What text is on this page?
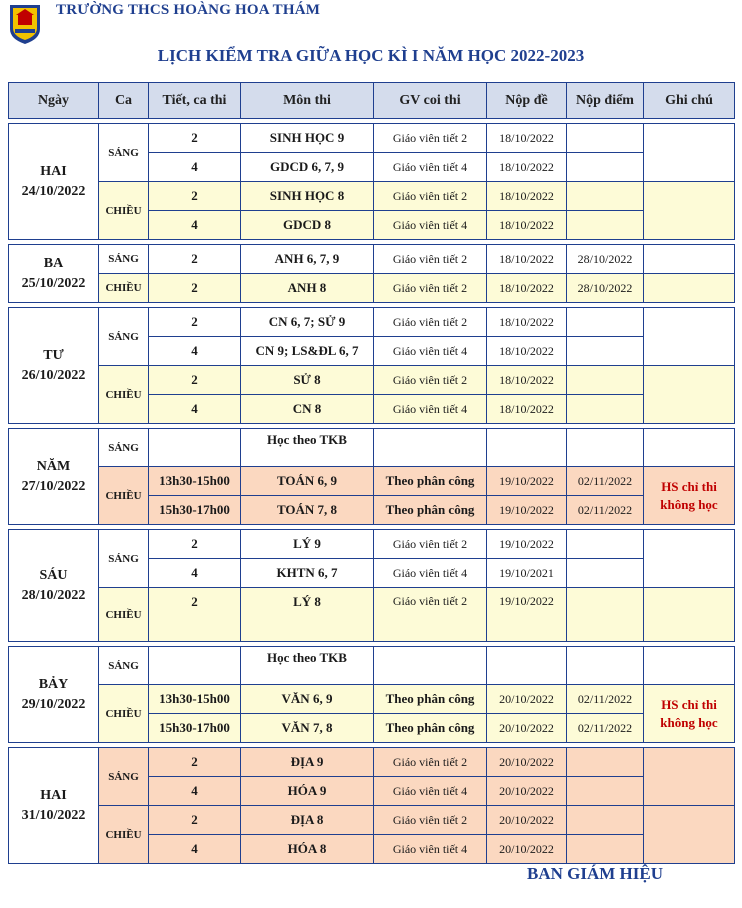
TRƯỜNG THCS HOÀNG HOA THÁM
LỊCH KIỂM TRA GIỮA HỌC KÌ I NĂM HỌC 2022-2023
Ngày	Ca	Tiết, ca thi	Môn thi	GV coi thi	Nộp đề	Nộp điểm	Ghi chú

HAI
24/10/2022	SÁNG	2	SINH HỌC 9	Giáo viên tiết 2	18/10/2022		
		4	GDCD 6, 7, 9	Giáo viên tiết 4	18/10/2022		
	CHIỀU	2	SINH HỌC 8	Giáo viên tiết 2	18/10/2022		
		4	GDCD 8	Giáo viên tiết 4	18/10/2022		

BA
25/10/2022	SÁNG	2	ANH 6, 7, 9	Giáo viên tiết 2	18/10/2022	28/10/2022	
	CHIỀU	2	ANH 8	Giáo viên tiết 2	18/10/2022	28/10/2022	

TƯ
26/10/2022	SÁNG	2	CN 6, 7; SỬ 9	Giáo viên tiết 2	18/10/2022		
		4	CN 9; LS&ĐL 6, 7	Giáo viên tiết 4	18/10/2022		
	CHIỀU	2	SỬ 8	Giáo viên tiết 2	18/10/2022		
		4	CN 8	Giáo viên tiết 4	18/10/2022		

NĂM
27/10/2022	SÁNG		Học theo TKB				
	CHIỀU	13h30-15h00	TOÁN 6, 9	Theo phân công	19/10/2022	02/11/2022	HS chỉ thi
không học

		15h30-17h00	TOÁN 7, 8	Theo phân công	19/10/2022	02/11/2022	

SÁU
28/10/2022	SÁNG	2	LÝ 9	Giáo viên tiết 2	19/10/2022		
		4	KHTN 6, 7	Giáo viên tiết 4	19/10/2021		
	CHIỀU	2	LÝ 8	Giáo viên tiết 2	19/10/2022		

BẢY
29/10/2022	SÁNG		Học theo TKB				
	CHIỀU	13h30-15h00	VĂN 6, 9	Theo phân công	20/10/2022	02/11/2022	HS chỉ thi
không học

		15h30-17h00	VĂN 7, 8	Theo phân công	20/10/2022	02/11/2022	

HAI
31/10/2022	SÁNG	2	ĐỊA 9	Giáo viên tiết 2	20/10/2022		
		4	HÓA 9	Giáo viên tiết 4	20/10/2022		
	CHIỀU	2	ĐỊA 8	Giáo viên tiết 2	20/10/2022		
		4	HÓA 8	Giáo viên tiết 4	20/10/2022		
BAN GIÁM HIỆU
